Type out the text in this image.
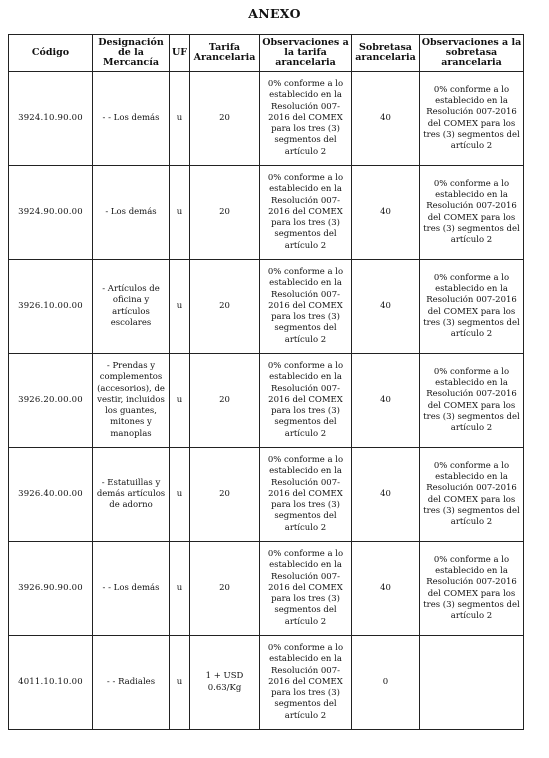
ANEXO
Código	Designación de la Mercancía	UF	Tarifa Arancelaria	Observaciones a la tarifa arancelaria	Sobretasa arancelaria	Observaciones a la sobretasa arancelaria
3924.10.90.00	- - Los demás	u	20	0% conforme a lo establecido en la Resolución 007-2016 del COMEX para los tres (3) segmentos del artículo 2	40	0% conforme a lo establecido en la Resolución 007-2016 del COMEX para los tres (3) segmentos del artículo 2
3924.90.00.00	- Los demás	u	20	0% conforme a lo establecido en la Resolución 007-2016 del COMEX para los tres (3) segmentos del artículo 2	40	0% conforme a lo establecido en la Resolución 007-2016 del COMEX para los tres (3) segmentos del artículo 2
3926.10.00.00	- Artículos de oficina y artículos escolares	u	20	0% conforme a lo establecido en la Resolución 007-2016 del COMEX para los tres (3) segmentos del artículo 2	40	0% conforme a lo establecido en la Resolución 007-2016 del COMEX para los tres (3) segmentos del artículo 2
3926.20.00.00	- Prendas y complementos (accesorios), de vestir, incluidos los guantes, mitones y manoplas	u	20	0% conforme a lo establecido en la Resolución 007-2016 del COMEX para los tres (3) segmentos del artículo 2	40	0% conforme a lo establecido en la Resolución 007-2016 del COMEX para los tres (3) segmentos del artículo 2
3926.40.00.00	- Estatuillas y demás artículos de adorno	u	20	0% conforme a lo establecido en la Resolución 007-2016 del COMEX para los tres (3) segmentos del artículo 2	40	0% conforme a lo establecido en la Resolución 007-2016 del COMEX para los tres (3) segmentos del artículo 2
3926.90.90.00	- - Los demás	u	20	0% conforme a lo establecido en la Resolución 007-2016 del COMEX para los tres (3) segmentos del artículo 2	40	0% conforme a lo establecido en la Resolución 007-2016 del COMEX para los tres (3) segmentos del artículo 2
4011.10.10.00	- - Radiales	u	1 + USD 0.63/Kg	0% conforme a lo establecido en la Resolución 007-2016 del COMEX para los tres (3) segmentos del artículo 2	0	
